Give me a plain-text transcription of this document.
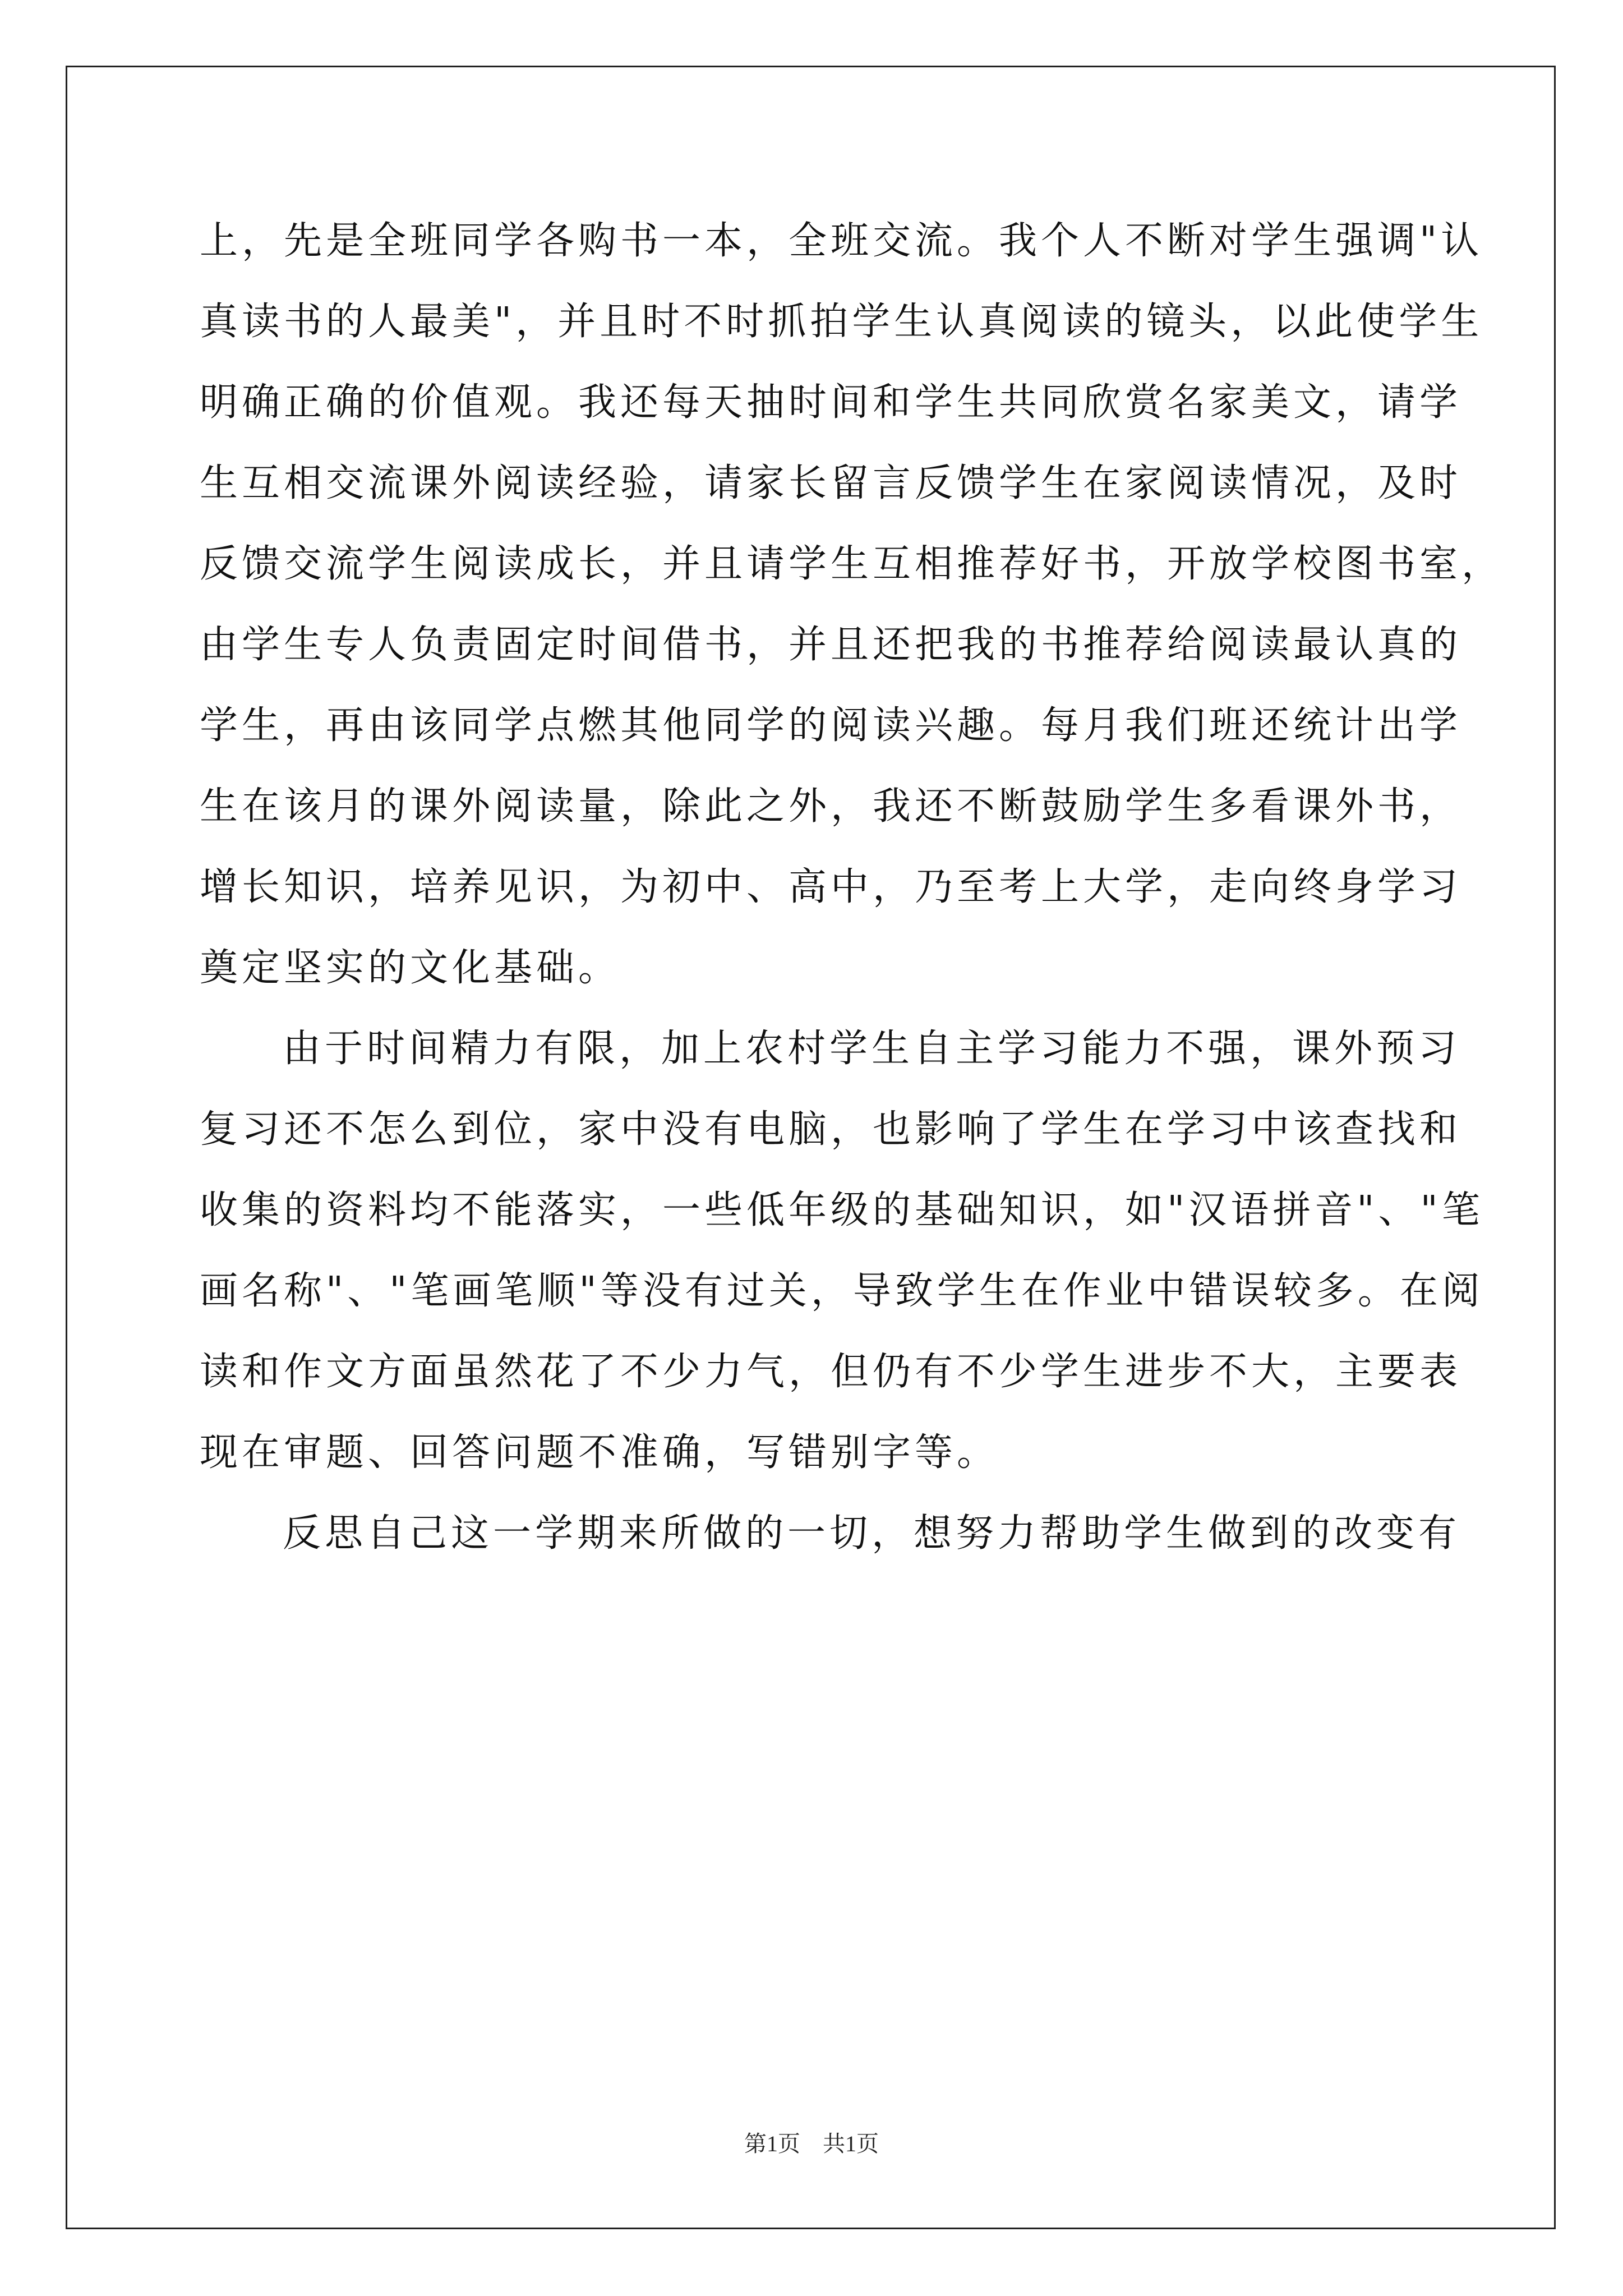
上，先是全班同学各购书一本，全班交流。我个人不断对学生强调"认
真读书的人最美"，并且时不时抓拍学生认真阅读的镜头，以此使学生
明确正确的价值观。我还每天抽时间和学生共同欣赏名家美文，请学
生互相交流课外阅读经验，请家长留言反馈学生在家阅读情况，及时
反馈交流学生阅读成长，并且请学生互相推荐好书，开放学校图书室，
由学生专人负责固定时间借书，并且还把我的书推荐给阅读最认真的
学生，再由该同学点燃其他同学的阅读兴趣。每月我们班还统计出学
生在该月的课外阅读量，除此之外，我还不断鼓励学生多看课外书，
增长知识，培养见识，为初中、高中，乃至考上大学，走向终身学习
奠定坚实的文化基础。
由于时间精力有限，加上农村学生自主学习能力不强，课外预习
复习还不怎么到位，家中没有电脑，也影响了学生在学习中该查找和
收集的资料均不能落实，一些低年级的基础知识，如"汉语拼音"、"笔
画名称"、"笔画笔顺"等没有过关，导致学生在作业中错误较多。在阅
读和作文方面虽然花了不少力气，但仍有不少学生进步不大，主要表
现在审题、回答问题不准确，写错别字等。
反思自己这一学期来所做的一切，想努力帮助学生做到的改变有
第1页　共1页
